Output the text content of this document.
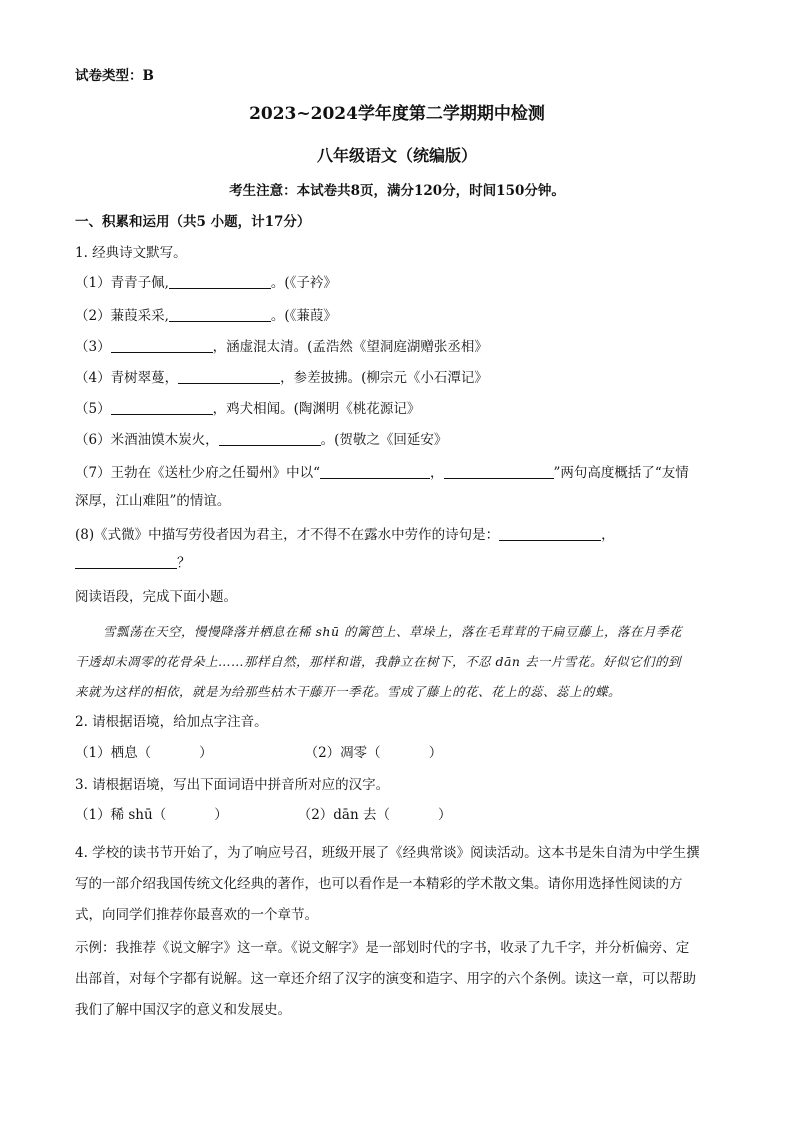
试卷类型：B
2023~2024学年度第二学期期中检测
八年级语文（统编版）
考生注意：本试卷共8页，满分120分，时间150分钟。
一、积累和运用（共5 小题，计17分）
1. 经典诗文默写。
（1）青青子佩,	。(《子衿》
（2）蒹葭采采,	。(《蒹葭》
（3）	，涵虚混太清。(孟浩然《望洞庭湖赠张丞相》
（4）青树翠蔓，	，参差披拂。(柳宗元《小石潭记》
（5）	，鸡犬相闻。(陶渊明《桃花源记》
（6）米酒油馍木炭火，	。(贺敬之《回延安》
（7）王勃在《送杜少府之任蜀州》中以“	，	”两句高度概括了“友情
深厚，江山难阻”的情谊。
(8)《式微》中描写劳役者因为君主，才不得不在露水中劳作的诗句是：	，
？
阅读语段，完成下面小题。
雪瓢荡在天空，慢慢降落并栖息在稀 shū 的篱笆上、草垛上，落在毛茸茸的干扁豆藤上，落在月季花
干透却未凋零的花骨朵上……那样自然，那样和谐，我静立在树下，不忍 dān 去一片雪花。好似它们的到
来就为这样的相依，就是为给那些枯木干藤开一季花。雪成了藤上的花、花上的蕊、蕊上的蝶。
2. 请根据语境，给加点字注音。
（1）栖息（	）	（2）凋零（	）
3. 请根据语境，写出下面词语中拼音所对应的汉字。
（1）稀 shū（	）	（2）dān 去（	）
4. 学校的读书节开始了，为了响应号召，班级开展了《经典常谈》阅读活动。这本书是朱自清为中学生撰
写的一部介绍我国传统文化经典的著作，也可以看作是一本精彩的学术散文集。请你用选择性阅读的方
式，向同学们推荐你最喜欢的一个章节。
示例：我推荐《说文解字》这一章。《说文解字》是一部划时代的字书，收录了九千字，并分析偏旁、定
出部首，对每个字都有说解。这一章还介绍了汉字的演变和造字、用字的六个条例。读这一章，可以帮助
我们了解中国汉字的意义和发展史。
